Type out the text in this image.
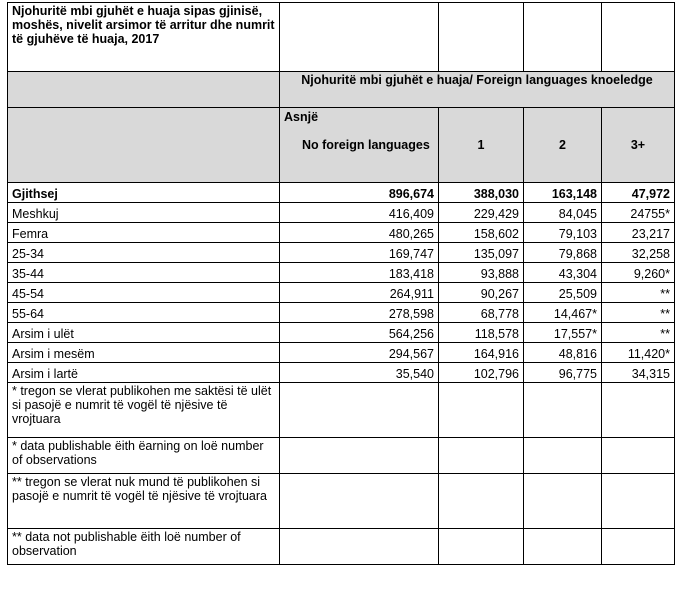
Njohuritë mbi gjuhët e huaja sipas gjinisë, moshës, nivelit arsimor të arritur dhe numrit të gjuhëve të huaja, 2017				
	Njohuritë mbi gjuhët e huaja/ Foreign languages knoeledge			

	Asnjë
No foreign languages	1	2	3+
Gjithsej	896,674	388,030	163,148	47,972
Meshkuj	416,409	229,429	84,045	24755*
Femra	480,265	158,602	79,103	23,217
25-34	169,747	135,097	79,868	32,258
35-44	183,418	93,888	43,304	9,260*
45-54	264,911	90,267	25,509	**
55-64	278,598	68,778	14,467*	**
Arsim i ulët	564,256	118,578	17,557*	**
Arsim i mesëm	294,567	164,916	48,816	11,420*
Arsim i lartë	35,540	102,796	96,775	34,315
* tregon se vlerat publikohen me saktësi të ulët si pasojë e numrit të vogël të njësive të vrojtuara				
* data publishable ëith ëarning on loë number of observations				
** tregon se vlerat nuk mund të publikohen si pasojë e numrit të vogël të njësive të vrojtuara				
** data not publishable ëith loë number of observation				
